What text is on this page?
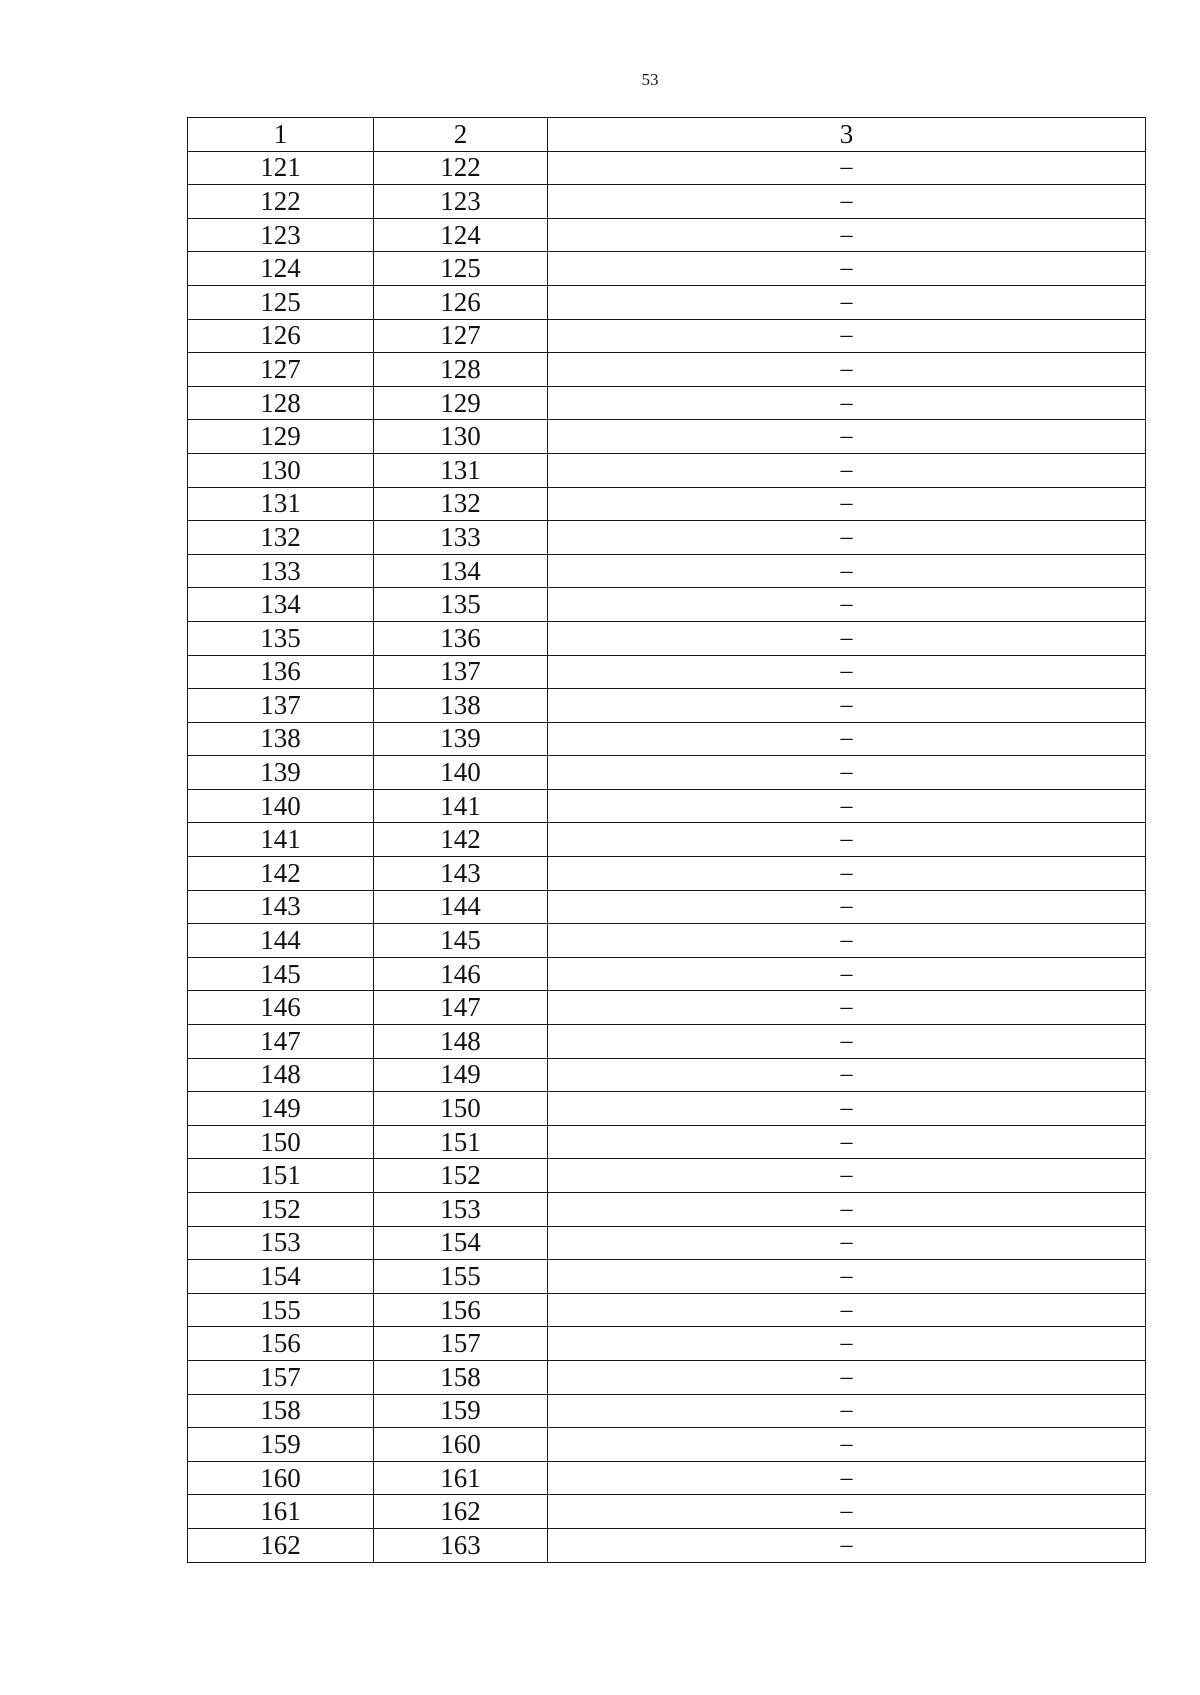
53
1	2	3
121	122	–
122	123	–
123	124	–
124	125	–
125	126	–
126	127	–
127	128	–
128	129	–
129	130	–
130	131	–
131	132	–
132	133	–
133	134	–
134	135	–
135	136	–
136	137	–
137	138	–
138	139	–
139	140	–
140	141	–
141	142	–
142	143	–
143	144	–
144	145	–
145	146	–
146	147	–
147	148	–
148	149	–
149	150	–
150	151	–
151	152	–
152	153	–
153	154	–
154	155	–
155	156	–
156	157	–
157	158	–
158	159	–
159	160	–
160	161	–
161	162	–
162	163	–
